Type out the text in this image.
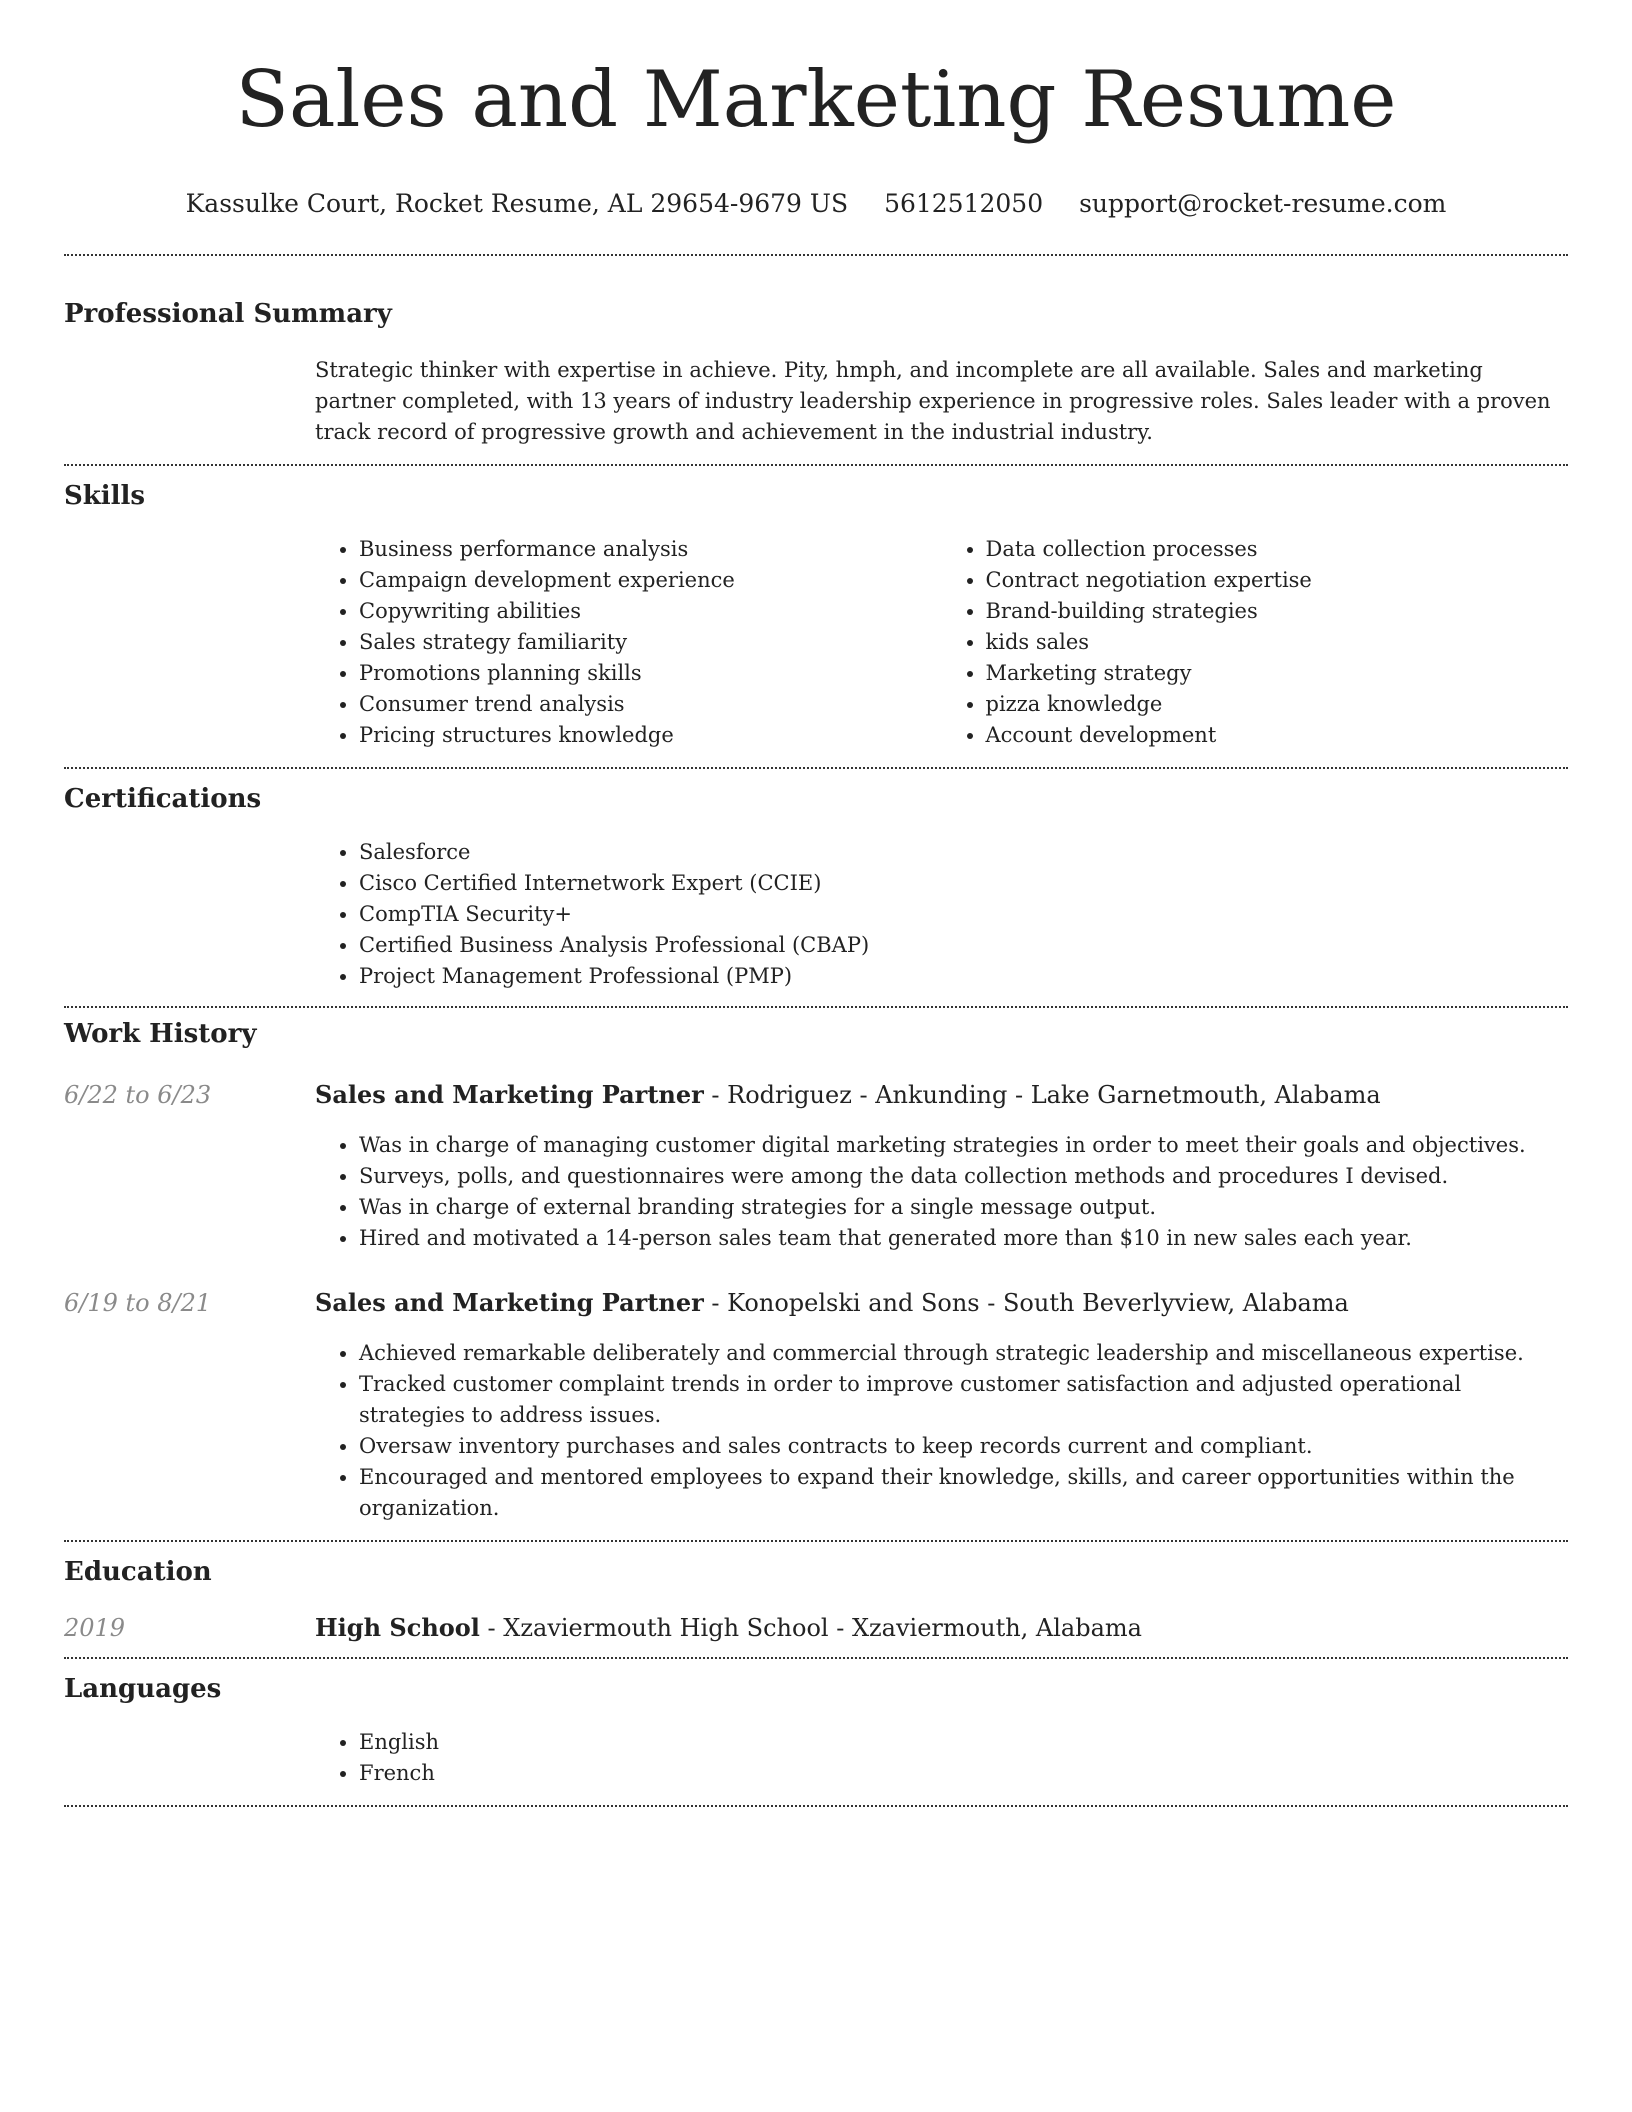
Sales and Marketing Resume
Kassulke Court, Rocket Resume, AL 29654-9679 US 5612512050 support@rocket-resume.com
Professional Summary

Strategic thinker with expertise in achieve. Pity, hmph, and incomplete are all available. Sales and marketing partner completed, with 13 years of industry leadership experience in progressive roles. Sales leader with a proven track record of progressive growth and achievement in the industrial industry.

Skills
• Business performance analysis
• Campaign development experience
• Copywriting abilities
• Sales strategy familiarity
• Promotions planning skills
• Consumer trend analysis
• Pricing structures knowledge
• Data collection processes
• Contract negotiation expertise
• Brand-building strategies
• kids sales
• Marketing strategy
• pizza knowledge
• Account development
Certifications
• Salesforce
• Cisco Certified Internetwork Expert (CCIE)
• CompTIA Security+
• Certified Business Analysis Professional (CBAP)
• Project Management Professional (PMP)
Work History
6/22 to 6/23	Sales and Marketing Partner - Rodriguez - Ankunding - Lake Garnetmouth, Alabama
• Was in charge of managing customer digital marketing strategies in order to meet their goals and objectives.
• Surveys, polls, and questionnaires were among the data collection methods and procedures I devised.
• Was in charge of external branding strategies for a single message output.
• Hired and motivated a 14-person sales team that generated more than $10 in new sales each year.
6/19 to 8/21	Sales and Marketing Partner - Konopelski and Sons - South Beverlyview, Alabama
• Achieved remarkable deliberately and commercial through strategic leadership and miscellaneous expertise.
• Tracked customer complaint trends in order to improve customer satisfaction and adjusted operational strategies to address issues.
• Oversaw inventory purchases and sales contracts to keep records current and compliant.
• Encouraged and mentored employees to expand their knowledge, skills, and career opportunities within the organization.
Education
2019	High School - Xzaviermouth High School - Xzaviermouth, Alabama
Languages
• English
• French
